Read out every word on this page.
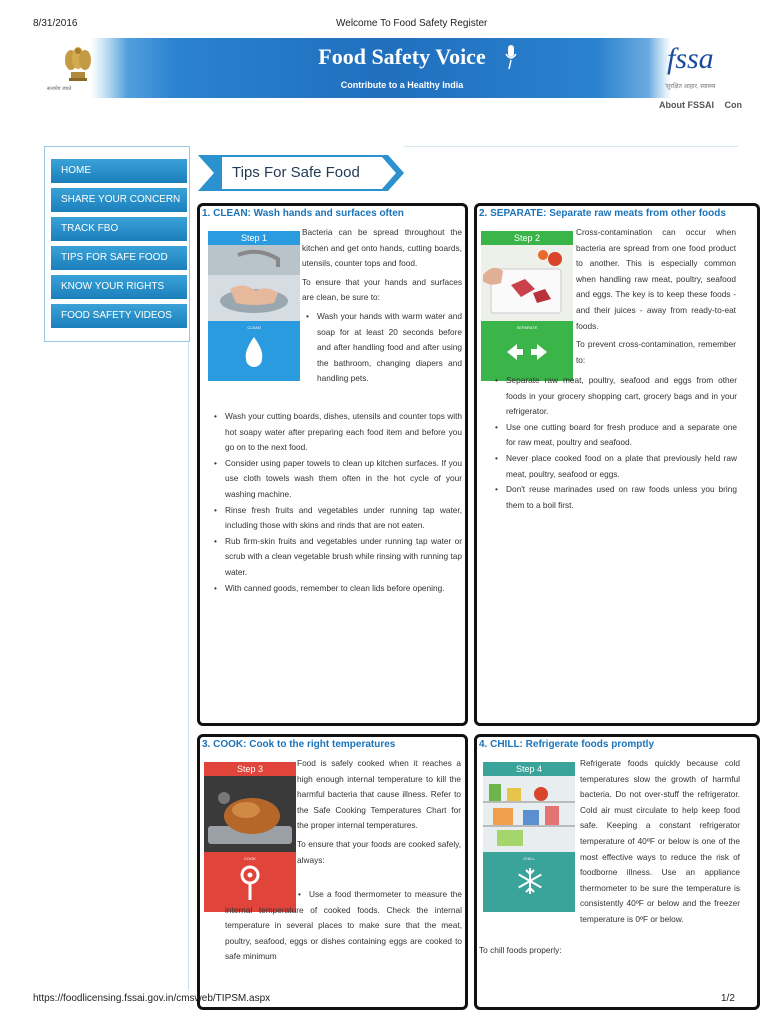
8/31/2016	Welcome To Food Safety Register
सत्यमेव जयते
Food Safety Voice
Contribute to a Healthy India
fssa
'सुरक्षित आहार, स्वास्थ्य
About FSSAI Con
HOME
SHARE YOUR CONCERN
TRACK FBO
TIPS FOR SAFE FOOD
KNOW YOUR RIGHTS
FOOD SAFETY VIDEOS
Tips For Safe Food
1. CLEAN: Wash hands and surfaces often
Step 1
CLEAN

Bacteria can be spread throughout the kitchen and get onto hands, cutting boards, utensils, counter tops and food.

To ensure that your hands and surfaces are clean, be sure to:

• Wash your hands with warm water and soap for at least 20 seconds before and after handling food and after using the bathroom, changing diapers and handling pets.
• Wash your cutting boards, dishes, utensils and counter tops with hot soapy water after preparing each food item and before you go on to the next food.
• Consider using paper towels to clean up kitchen surfaces. If you use cloth towels wash them often in the hot cycle of your washing machine.
• Rinse fresh fruits and vegetables under running tap water, including those with skins and rinds that are not eaten.
• Rub firm-skin fruits and vegetables under running tap water or scrub with a clean vegetable brush while rinsing with running tap water.
• With canned goods, remember to clean lids before opening.
2. SEPARATE: Separate raw meats from other foods
Step 2
SEPARATE

Cross-contamination can occur when bacteria are spread from one food product to another. This is especially common when handling raw meat, poultry, seafood and eggs. The key is to keep these foods - and their juices - away from ready-to-eat foods.

To prevent cross-contamination, remember to:

• Separate raw meat, poultry, seafood and eggs from other foods in your grocery shopping cart, grocery bags and in your refrigerator.
• Use one cutting board for fresh produce and a separate one for raw meat, poultry and seafood.
• Never place cooked food on a plate that previously held raw meat, poultry, seafood or eggs.
• Don't reuse marinades used on raw foods unless you bring them to a boil first.
3. COOK: Cook to the right temperatures
Step 3
COOK

Food is safely cooked when it reaches a high enough internal temperature to kill the harmful bacteria that cause illness. Refer to the Safe Cooking Temperatures Chart for the proper internal temperatures.

To ensure that your foods are cooked safely, always:

• Use a food thermometer to measure the internal temperature of cooked foods. Check the internal temperature in several places to make sure that the meat, poultry, seafood, eggs or dishes containing eggs are cooked to safe minimum
4. CHILL: Refrigerate foods promptly
Step 4
CHILL

Refrigerate foods quickly because cold temperatures slow the growth of harmful bacteria. Do not over-stuff the refrigerator. Cold air must circulate to help keep food safe. Keeping a constant refrigerator temperature of 40ºF or below is one of the most effective ways to reduce the risk of foodborne illness. Use an appliance thermometer to be sure the temperature is consistently 40ºF or below and the freezer temperature is 0ºF or below.

To chill foods properly:

https://foodlicensing.fssai.gov.in/cmsweb/TIPSM.aspx	1/2
